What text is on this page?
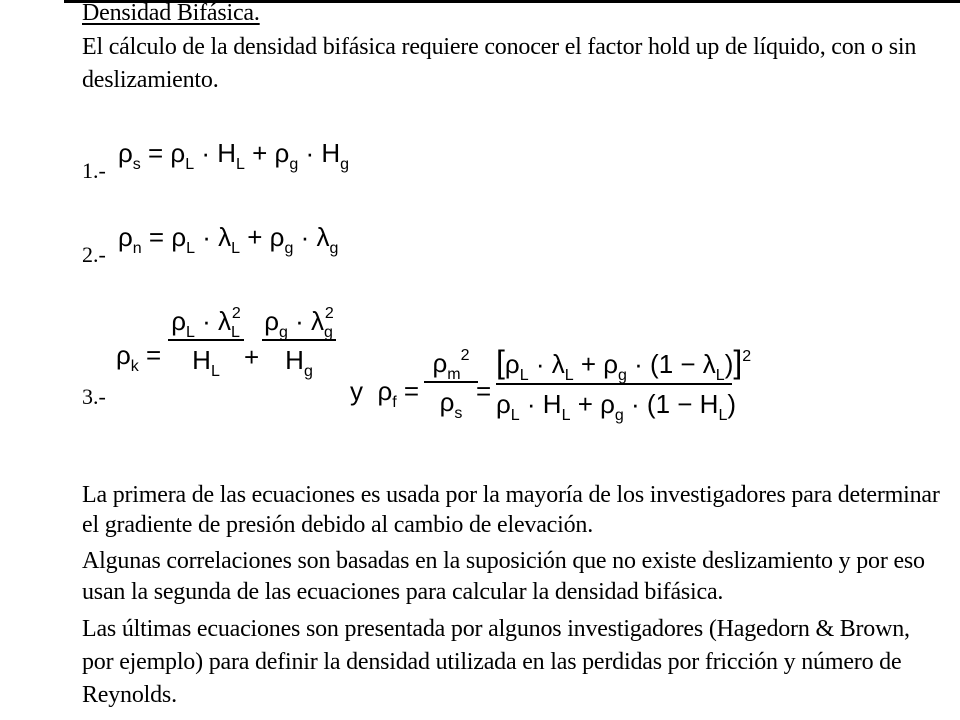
Densidad Bifásica.
El cálculo de la densidad bifásica requiere conocer el factor hold up de líquido, con o sin
deslizamiento.
1.-
$\rho_s = \rho_L \cdot H_L + \rho_g \cdot H_g$
2.-
$\rho_n = \rho_L \cdot \lambda_L + \rho_g \cdot \lambda_g$
3.-
$\rho_k$ =
$\rho_L \cdot \lambda_L^2$
$H_L$ +
$\rho_g \cdot \lambda_g^2$
$H_g$
y  $\rho_f$ =
$\rho_m^2$
$\rho_s$
=
$[\rho_L \cdot \lambda_L + \rho_g \cdot (1 - \lambda_L)]^2$
$\rho_L \cdot H_L + \rho_g \cdot (1 - H_L)$
La primera de las ecuaciones es usada por la mayoría de los investigadores para determinar
el gradiente de presión debido al cambio de elevación.
Algunas correlaciones son basadas en la suposición que no existe deslizamiento y por eso
usan la segunda de las ecuaciones para calcular la densidad bifásica.
Las últimas ecuaciones son presentada por algunos investigadores (Hagedorn & Brown,
por ejemplo) para definir la densidad utilizada en las perdidas por fricción y número de
Reynolds.
